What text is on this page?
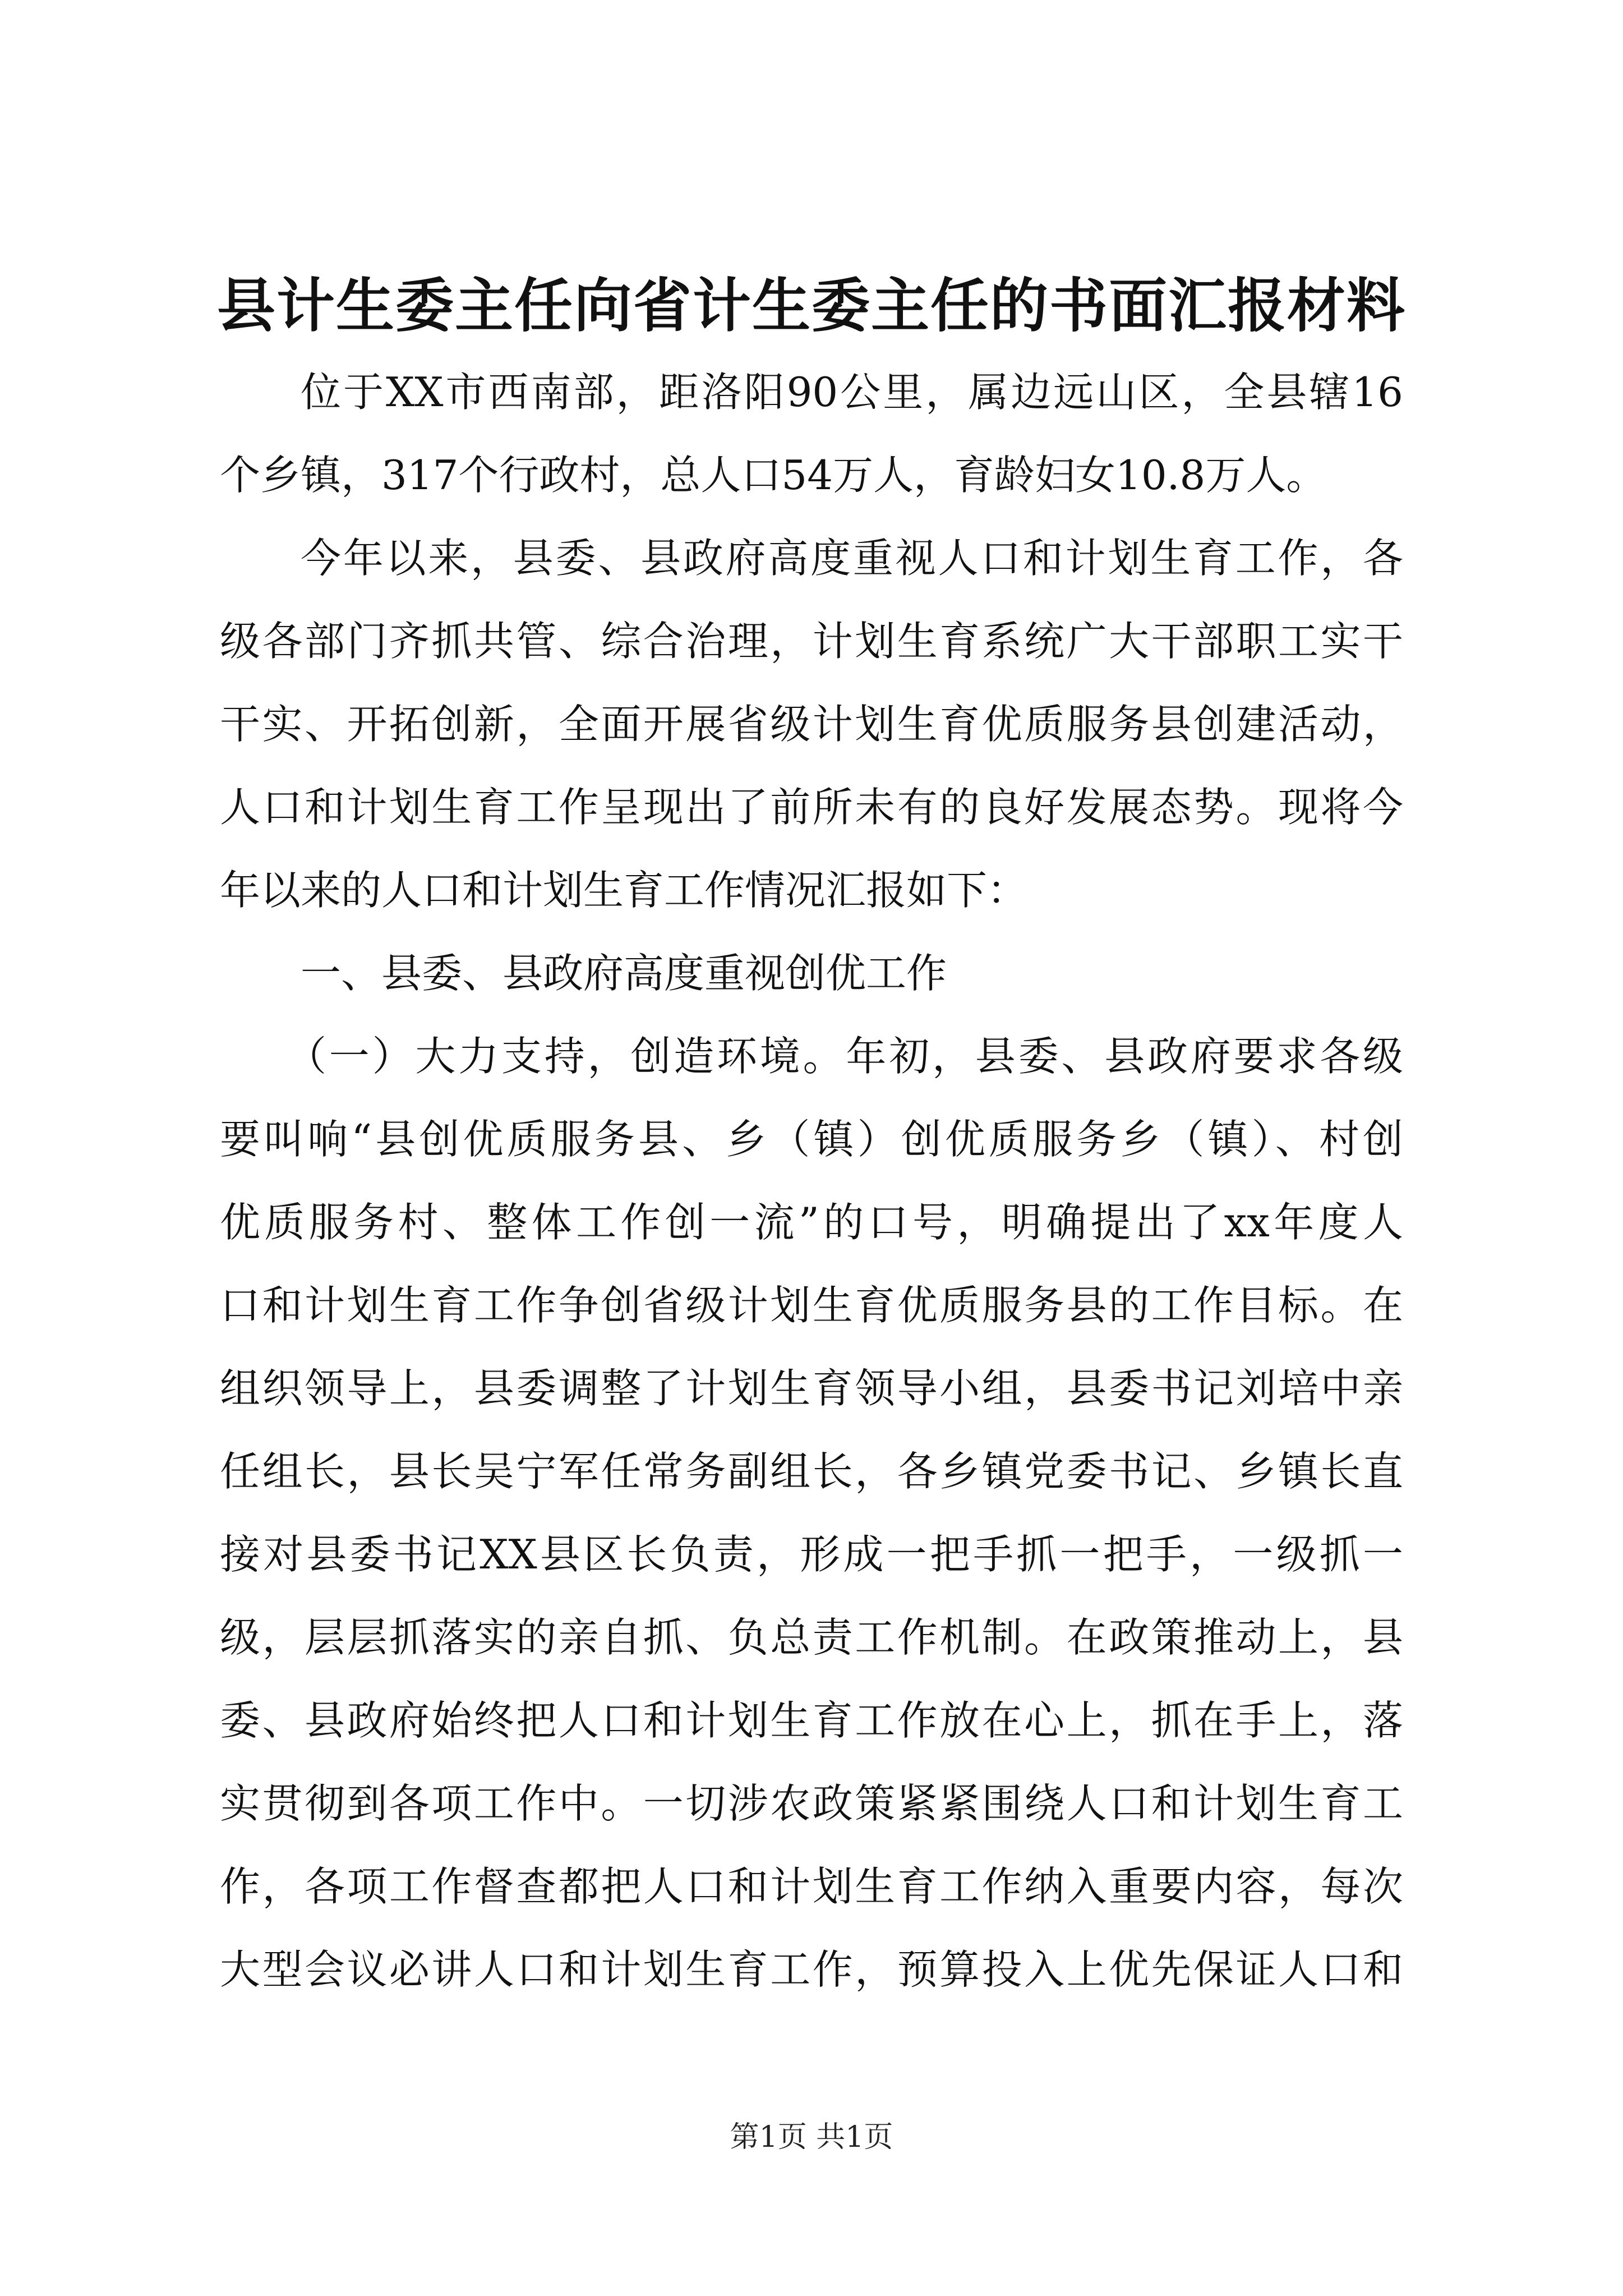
县计生委主任向省计生委主任的书面汇报材料
位于XX市西南部，距洛阳90公里，属边远山区，全县辖16
个乡镇，317个行政村，总人口54万人，育龄妇女10.8万人。
今年以来，县委、县政府高度重视人口和计划生育工作，各
级各部门齐抓共管、综合治理，计划生育系统广大干部职工实干
干实、开拓创新，全面开展省级计划生育优质服务县创建活动，
人口和计划生育工作呈现出了前所未有的良好发展态势。现将今
年以来的人口和计划生育工作情况汇报如下：
一、县委、县政府高度重视创优工作
（一）大力支持，创造环境。年初，县委、县政府要求各级
要叫响“县创优质服务县、乡（镇）创优质服务乡（镇）、村创
优质服务村、整体工作创一流”的口号，明确提出了xx年度人
口和计划生育工作争创省级计划生育优质服务县的工作目标。在
组织领导上，县委调整了计划生育领导小组，县委书记刘培中亲
任组长，县长吴宁军任常务副组长，各乡镇党委书记、乡镇长直
接对县委书记XX县区长负责，形成一把手抓一把手，一级抓一
级，层层抓落实的亲自抓、负总责工作机制。在政策推动上，县
委、县政府始终把人口和计划生育工作放在心上，抓在手上，落
实贯彻到各项工作中。一切涉农政策紧紧围绕人口和计划生育工
作，各项工作督查都把人口和计划生育工作纳入重要内容，每次
大型会议必讲人口和计划生育工作，预算投入上优先保证人口和
第1页 共1页
